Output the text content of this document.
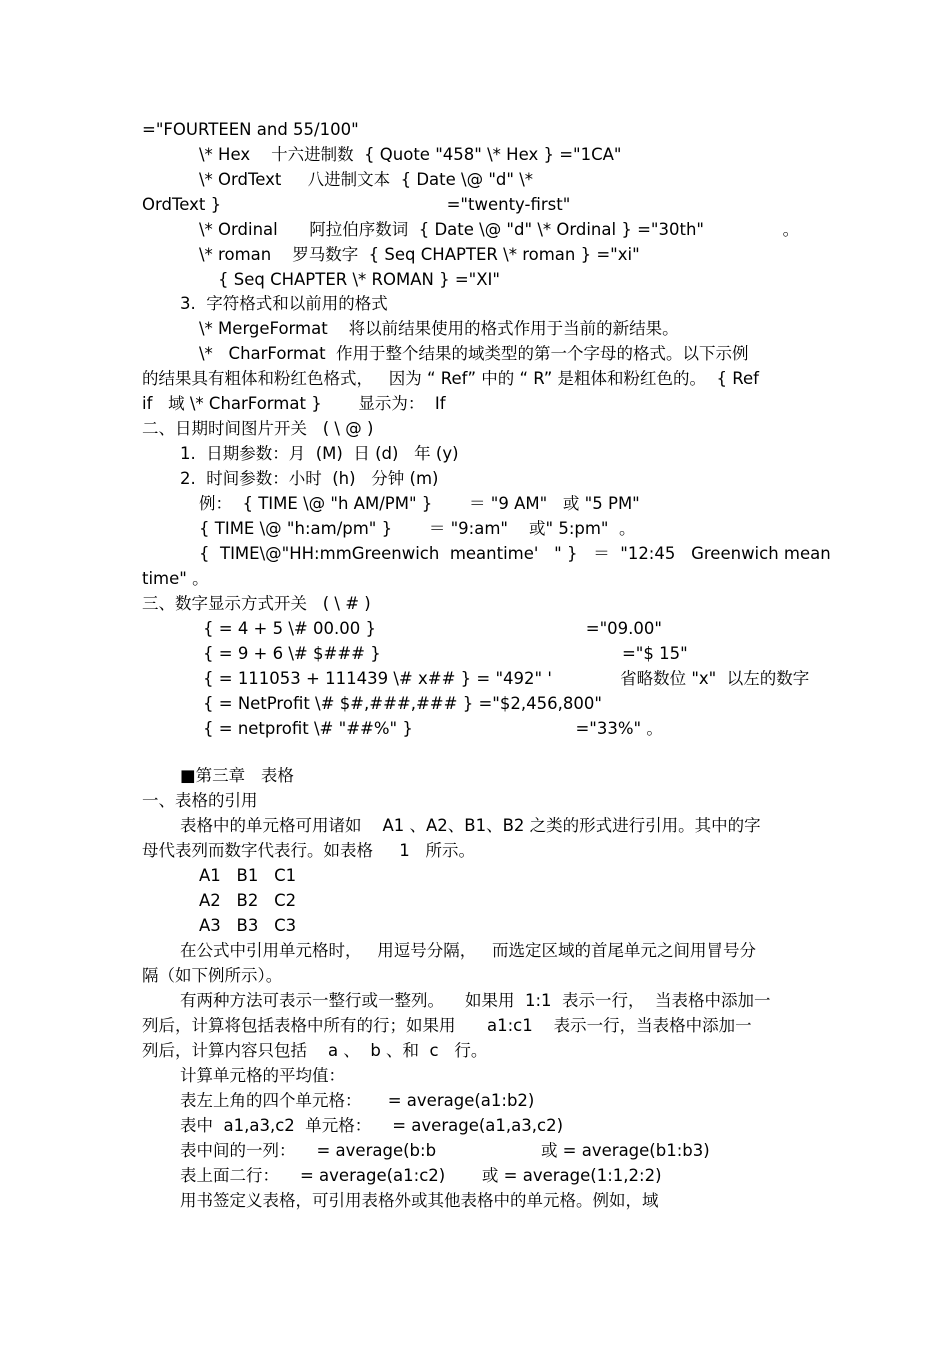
="FOURTEEN and 55/100"
\* Hex    十六进制数  { Quote "458" \* Hex } ="1CA"
\* OrdText     八进制文本  { Date \@ "d" \*
OrdText }                                           ="twenty-first"
\* Ordinal      阿拉伯序数词  { Date \@ "d" \* Ordinal } ="30th"               。
\* roman    罗马数字  { Seq CHAPTER \* roman } ="xi"
{ Seq CHAPTER \* ROMAN } ="XI"
3.  字符格式和以前用的格式
\* MergeFormat    将以前结果使用的格式作用于当前的新结果。
\*   CharFormat  作用于整个结果的域类型的第一个字母的格式。以下示例
的结果具有粗体和粉红色格式，   因为 “ Ref” 中的 “ R” 是粗体和粉红色的。  { Ref
if   域 \* CharFormat }       显示为：  If
二、日期时间图片开关   ( \ @ )
1.  日期参数：月  (M)  日 (d)   年 (y)
2.  时间参数：小时  (h)   分钟 (m)
例：  { TIME \@ "h AM/PM" }       ＝ "9 AM"   或 "5 PM"
{ TIME \@ "h:am/pm" }       ＝ "9:am"    或" 5:pm"  。
{  TIME\@"HH:mmGreenwich  meantime'   " }   ＝  "12:45   Greenwich mean
time" 。
三、数字显示方式开关   ( \ # )
{ = 4 + 5 \# 00.00 }                                        ="09.00"
{ = 9 + 6 \# $### }                                              ="$ 15"
{ = 111053 + 111439 \# x## } = "492" '             省略数位 "x"  以左的数字
{ = NetProfit \# $#,###,### } ="$2,456,800"
{ = netprofit \# "##%" }                               ="33%" 。
■第三章   表格
一、表格的引用
表格中的单元格可用诸如    A1 、A2、B1、B2 之类的形式进行引用。其中的字
母代表列而数字代表行。如表格     1   所示。
A1   B1   C1
A2   B2   C2
A3   B3   C3
在公式中引用单元格时，   用逗号分隔，   而选定区域的首尾单元之间用冒号分
隔（如下例所示）。
有两种方法可表示一整行或一整列。    如果用  1:1  表示一行，  当表格中添加一
列后，计算将包括表格中所有的行；如果用      a1:c1    表示一行，当表格中添加一
列后，计算内容只包括    a 、  b 、和  c   行。
计算单元格的平均值：
表左上角的四个单元格：     = average(a1:b2)
表中  a1,a3,c2  单元格：    = average(a1,a3,c2)
表中间的一列：    = average(b:b                    或 = average(b1:b3)
表上面二行：    = average(a1:c2)       或 = average(1:1,2:2)
用书签定义表格，可引用表格外或其他表格中的单元格。例如，域
